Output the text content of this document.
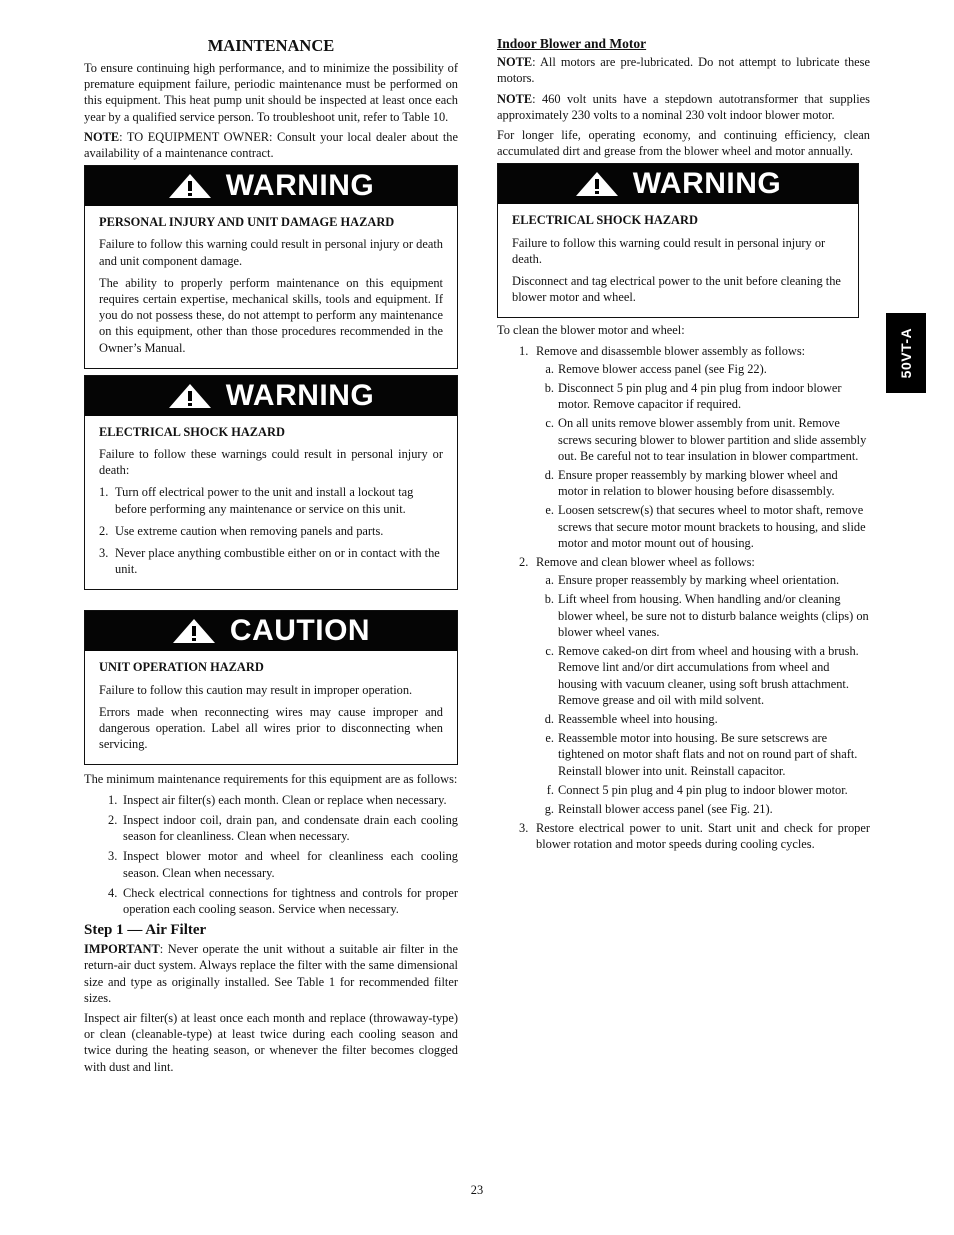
MAINTENANCE

To ensure continuing high performance, and to minimize the possibility of premature equipment failure, periodic maintenance must be performed on this equipment. This heat pump unit should be inspected at least once each year by a qualified service person. To troubleshoot unit, refer to Table 10.

NOTE: TO EQUIPMENT OWNER: Consult your local dealer about the availability of a maintenance contract.

WARNING
PERSONAL INJURY AND UNIT DAMAGE HAZARD

Failure to follow this warning could result in personal injury or death and unit component damage.

The ability to properly perform maintenance on this equipment requires certain expertise, mechanical skills, tools and equipment. If you do not possess these, do not attempt to perform any maintenance on this equipment, other than those procedures recommended in the Owner’s Manual.

WARNING
ELECTRICAL SHOCK HAZARD

Failure to follow these warnings could result in personal injury or death:

1. Turn off electrical power to the unit and install a lockout tag before performing any maintenance or service on this unit.
2. Use extreme caution when removing panels and parts.
3. Never place anything combustible either on or in contact with the unit.
CAUTION
UNIT OPERATION HAZARD

Failure to follow this caution may result in improper operation.

Errors made when reconnecting wires may cause improper and dangerous operation. Label all wires prior to disconnecting when servicing.

The minimum maintenance requirements for this equipment are as follows:

1. Inspect air filter(s) each month. Clean or replace when necessary.
2. Inspect indoor coil, drain pan, and condensate drain each cooling season for cleanliness. Clean when necessary.
3. Inspect blower motor and wheel for cleanliness each cooling season. Clean when necessary.
4. Check electrical connections for tightness and controls for proper operation each cooling season. Service when necessary.
Step 1 — Air Filter

IMPORTANT: Never operate the unit without a suitable air filter in the return-air duct system. Always replace the filter with the same dimensional size and type as originally installed. See Table 1 for recommended filter sizes.

Inspect air filter(s) at least once each month and replace (throwaway-type) or clean (cleanable-type) at least twice during each cooling season and twice during the heating season, or whenever the filter becomes clogged with dust and lint.

Indoor Blower and Motor

NOTE: All motors are pre-lubricated. Do not attempt to lubricate these motors.

NOTE: 460 volt units have a stepdown autotransformer that supplies approximately 230 volts to a nominal 230 volt indoor blower motor.

For longer life, operating economy, and continuing efficiency, clean accumulated dirt and grease from the blower wheel and motor annually.

WARNING
ELECTRICAL SHOCK HAZARD

Failure to follow this warning could result in personal injury or death.

Disconnect and tag electrical power to the unit before cleaning the blower motor and wheel.

To clean the blower motor and wheel:

1. Remove and disassemble blower assembly as follows:
a. Remove blower access panel (see Fig 22).
b. Disconnect 5 pin plug and 4 pin plug from indoor blower motor. Remove capacitor if required.
c. On all units remove blower assembly from unit. Remove screws securing blower to blower partition and slide assembly out. Be careful not to tear insulation in blower compartment.
d. Ensure proper reassembly by marking blower wheel and motor in relation to blower housing before disassembly.
e. Loosen setscrew(s) that secures wheel to motor shaft, remove screws that secure motor mount brackets to housing, and slide motor and motor mount out of housing.
2. Remove and clean blower wheel as follows:
a. Ensure proper reassembly by marking wheel orientation.
b. Lift wheel from housing. When handling and/or cleaning blower wheel, be sure not to disturb balance weights (clips) on blower wheel vanes.
c. Remove caked-on dirt from wheel and housing with a brush. Remove lint and/or dirt accumulations from wheel and housing with vacuum cleaner, using soft brush attachment. Remove grease and oil with mild solvent.
d. Reassemble wheel into housing.
e. Reassemble motor into housing. Be sure setscrews are tightened on motor shaft flats and not on round part of shaft. Reinstall blower into unit. Reinstall capacitor.
f. Connect 5 pin plug and 4 pin plug to indoor blower motor.
g. Reinstall blower access panel (see Fig. 21).
3. Restore electrical power to unit. Start unit and check for proper blower rotation and motor speeds during cooling cycles.
50VT-A
23
